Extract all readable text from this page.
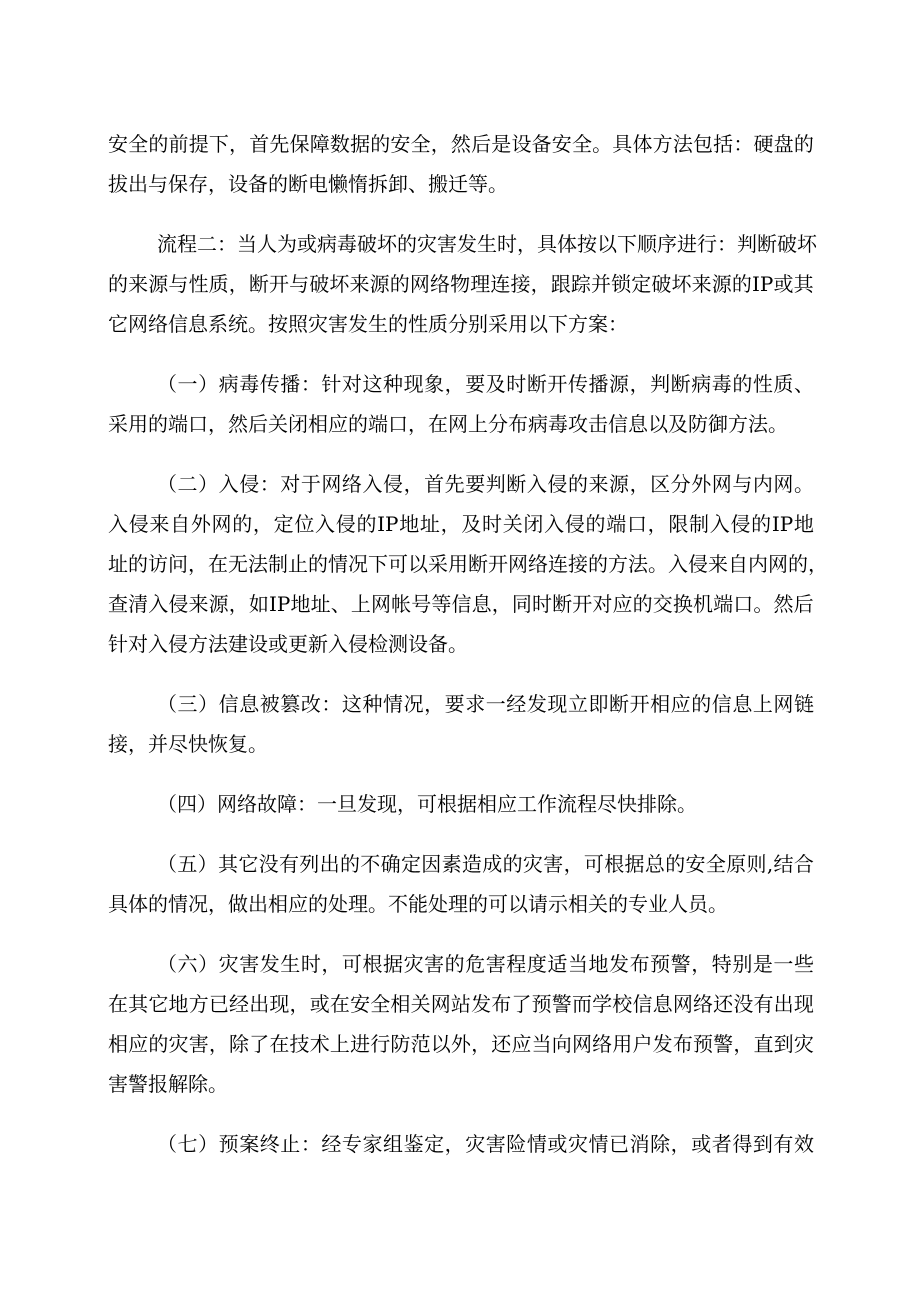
安 全 的 前 提 下 ， 首 先 保 障 数 据 的 安 全 ， 然 后 是 设 备 安 全 。 具 体 方 法 包 括 ： 硬 盘 的
拔出与保存，设备的断电懒惰拆卸、搬迁等。
流 程 二 ： 当 人 为 或 病 毒 破 坏 的 灾 害 发 生 时 ， 具 体 按 以 下 顺 序 进 行 ： 判 断 破 坏
的 来 源 与 性 质 ， 断 开 与 破 坏 来 源 的 网 络 物 理 连 接 ， 跟 踪 并 锁 定 破 坏 来 源 的 IP 或 其
它网络信息系统。按照灾害发生的性质分别采用以下方案：
（ 一 ） 病 毒 传 播 ： 针 对 这 种 现 象 ， 要 及 时 断 开 传 播 源 ， 判 断 病 毒 的 性 质 、
采用的端口，然后关闭相应的端口，在网上分布病毒攻击信息以及防御方法。
（ 二 ） 入 侵 ： 对 于 网 络 入 侵 ， 首 先 要 判 断 入 侵 的 来 源 ， 区 分 外 网 与 内 网 。
入 侵 来 自 外 网 的 ， 定 位 入 侵 的 IP 地 址 ， 及 时 关 闭 入 侵 的 端 口 ， 限 制 入 侵 的 IP 地
址 的 访 问 ， 在 无 法 制 止 的 情 况 下 可 以 采 用 断 开 网 络 连 接 的 方 法 。 入 侵 来 自 内 网 的 ，
查 清 入 侵 来 源 ， 如 IP 地 址 、 上 网 帐 号 等 信 息 ， 同 时 断 开 对 应 的 交 换 机 端 口 。 然 后
针对入侵方法建设或更新入侵检测设备。
（ 三 ） 信 息 被 篡 改 ： 这 种 情 况 ， 要 求 一 经 发 现 立 即 断 开 相 应 的 信 息 上 网 链
接，并尽快恢复。
（四）网络故障：一旦发现，可根据相应工作流程尽快排除。
（ 五 ） 其 它 没 有 列 出 的 不 确 定 因 素 造 成 的 灾 害 ， 可 根 据 总 的 安 全 原 则 , 结 合
具体的情况，做出相应的处理。不能处理的可以请示相关的专业人员。
（ 六 ） 灾 害 发 生 时 ， 可 根 据 灾 害 的 危 害 程 度 适 当 地 发 布 预 警 ， 特 别 是 一 些
在 其 它 地 方 已 经 出 现 ， 或 在 安 全 相 关 网 站 发 布 了 预 警 而 学 校 信 息 网 络 还 没 有 出 现
相 应 的 灾 害 ， 除 了 在 技 术 上 进 行 防 范 以 外 ， 还 应 当 向 网 络 用 户 发 布 预 警 ， 直 到 灾
害警报解除。
（ 七 ） 预 案 终 止 ： 经 专 家 组 鉴 定 ， 灾 害 险 情 或 灾 情 已 消 除 ， 或 者 得 到 有 效
